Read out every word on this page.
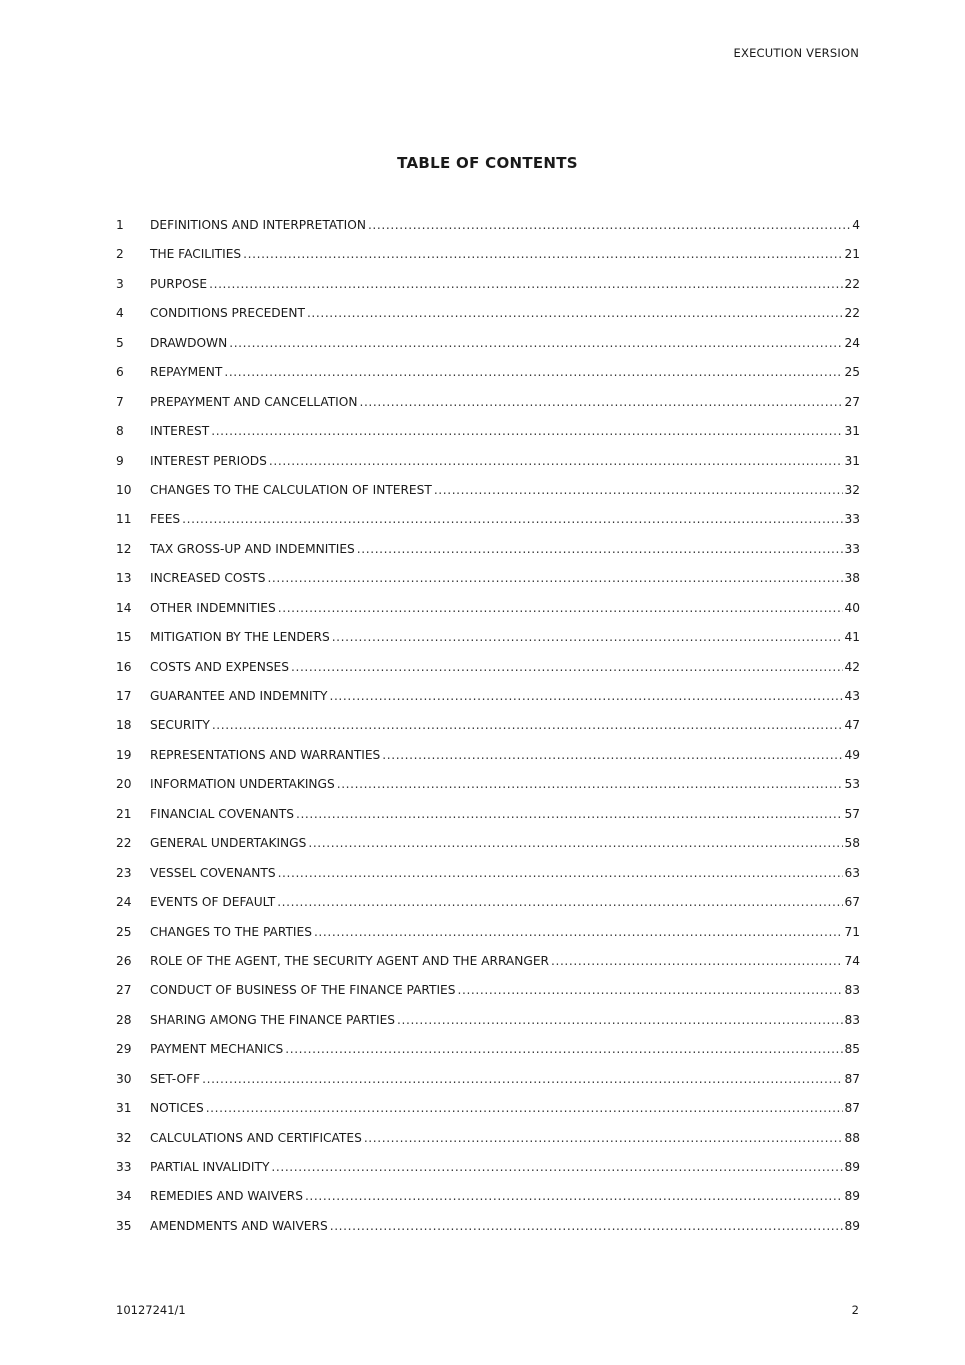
EXECUTION VERSION
TABLE OF CONTENTS
1	DEFINITIONS AND INTERPRETATION .....	4
2	THE FACILITIES .....	21
3	PURPOSE .....	22
4	CONDITIONS PRECEDENT .....	22
5	DRAWDOWN .....	24
6	REPAYMENT .....	25
7	PREPAYMENT AND CANCELLATION .....	27
8	INTEREST .....	31
9	INTEREST PERIODS .....	31
10	CHANGES TO THE CALCULATION OF INTEREST .....	32
11	FEES .....	33
12	TAX GROSS-UP AND INDEMNITIES .....	33
13	INCREASED COSTS .....	38
14	OTHER INDEMNITIES .....	40
15	MITIGATION BY THE LENDERS .....	41
16	COSTS AND EXPENSES .....	42
17	GUARANTEE AND INDEMNITY .....	43
18	SECURITY .....	47
19	REPRESENTATIONS AND WARRANTIES .....	49
20	INFORMATION UNDERTAKINGS .....	53
21	FINANCIAL COVENANTS .....	57
22	GENERAL UNDERTAKINGS .....	58
23	VESSEL COVENANTS .....	63
24	EVENTS OF DEFAULT .....	67
25	CHANGES TO THE PARTIES .....	71
26	ROLE OF THE AGENT, THE SECURITY AGENT AND THE ARRANGER .....	74
27	CONDUCT OF BUSINESS OF THE FINANCE PARTIES .....	83
28	SHARING AMONG THE FINANCE PARTIES .....	83
29	PAYMENT MECHANICS .....	85
30	SET-OFF .....	87
31	NOTICES .....	87
32	CALCULATIONS AND CERTIFICATES .....	88
33	PARTIAL INVALIDITY .....	89
34	REMEDIES AND WAIVERS .....	89
35	AMENDMENTS AND WAIVERS .....	89
10127241/1	2
